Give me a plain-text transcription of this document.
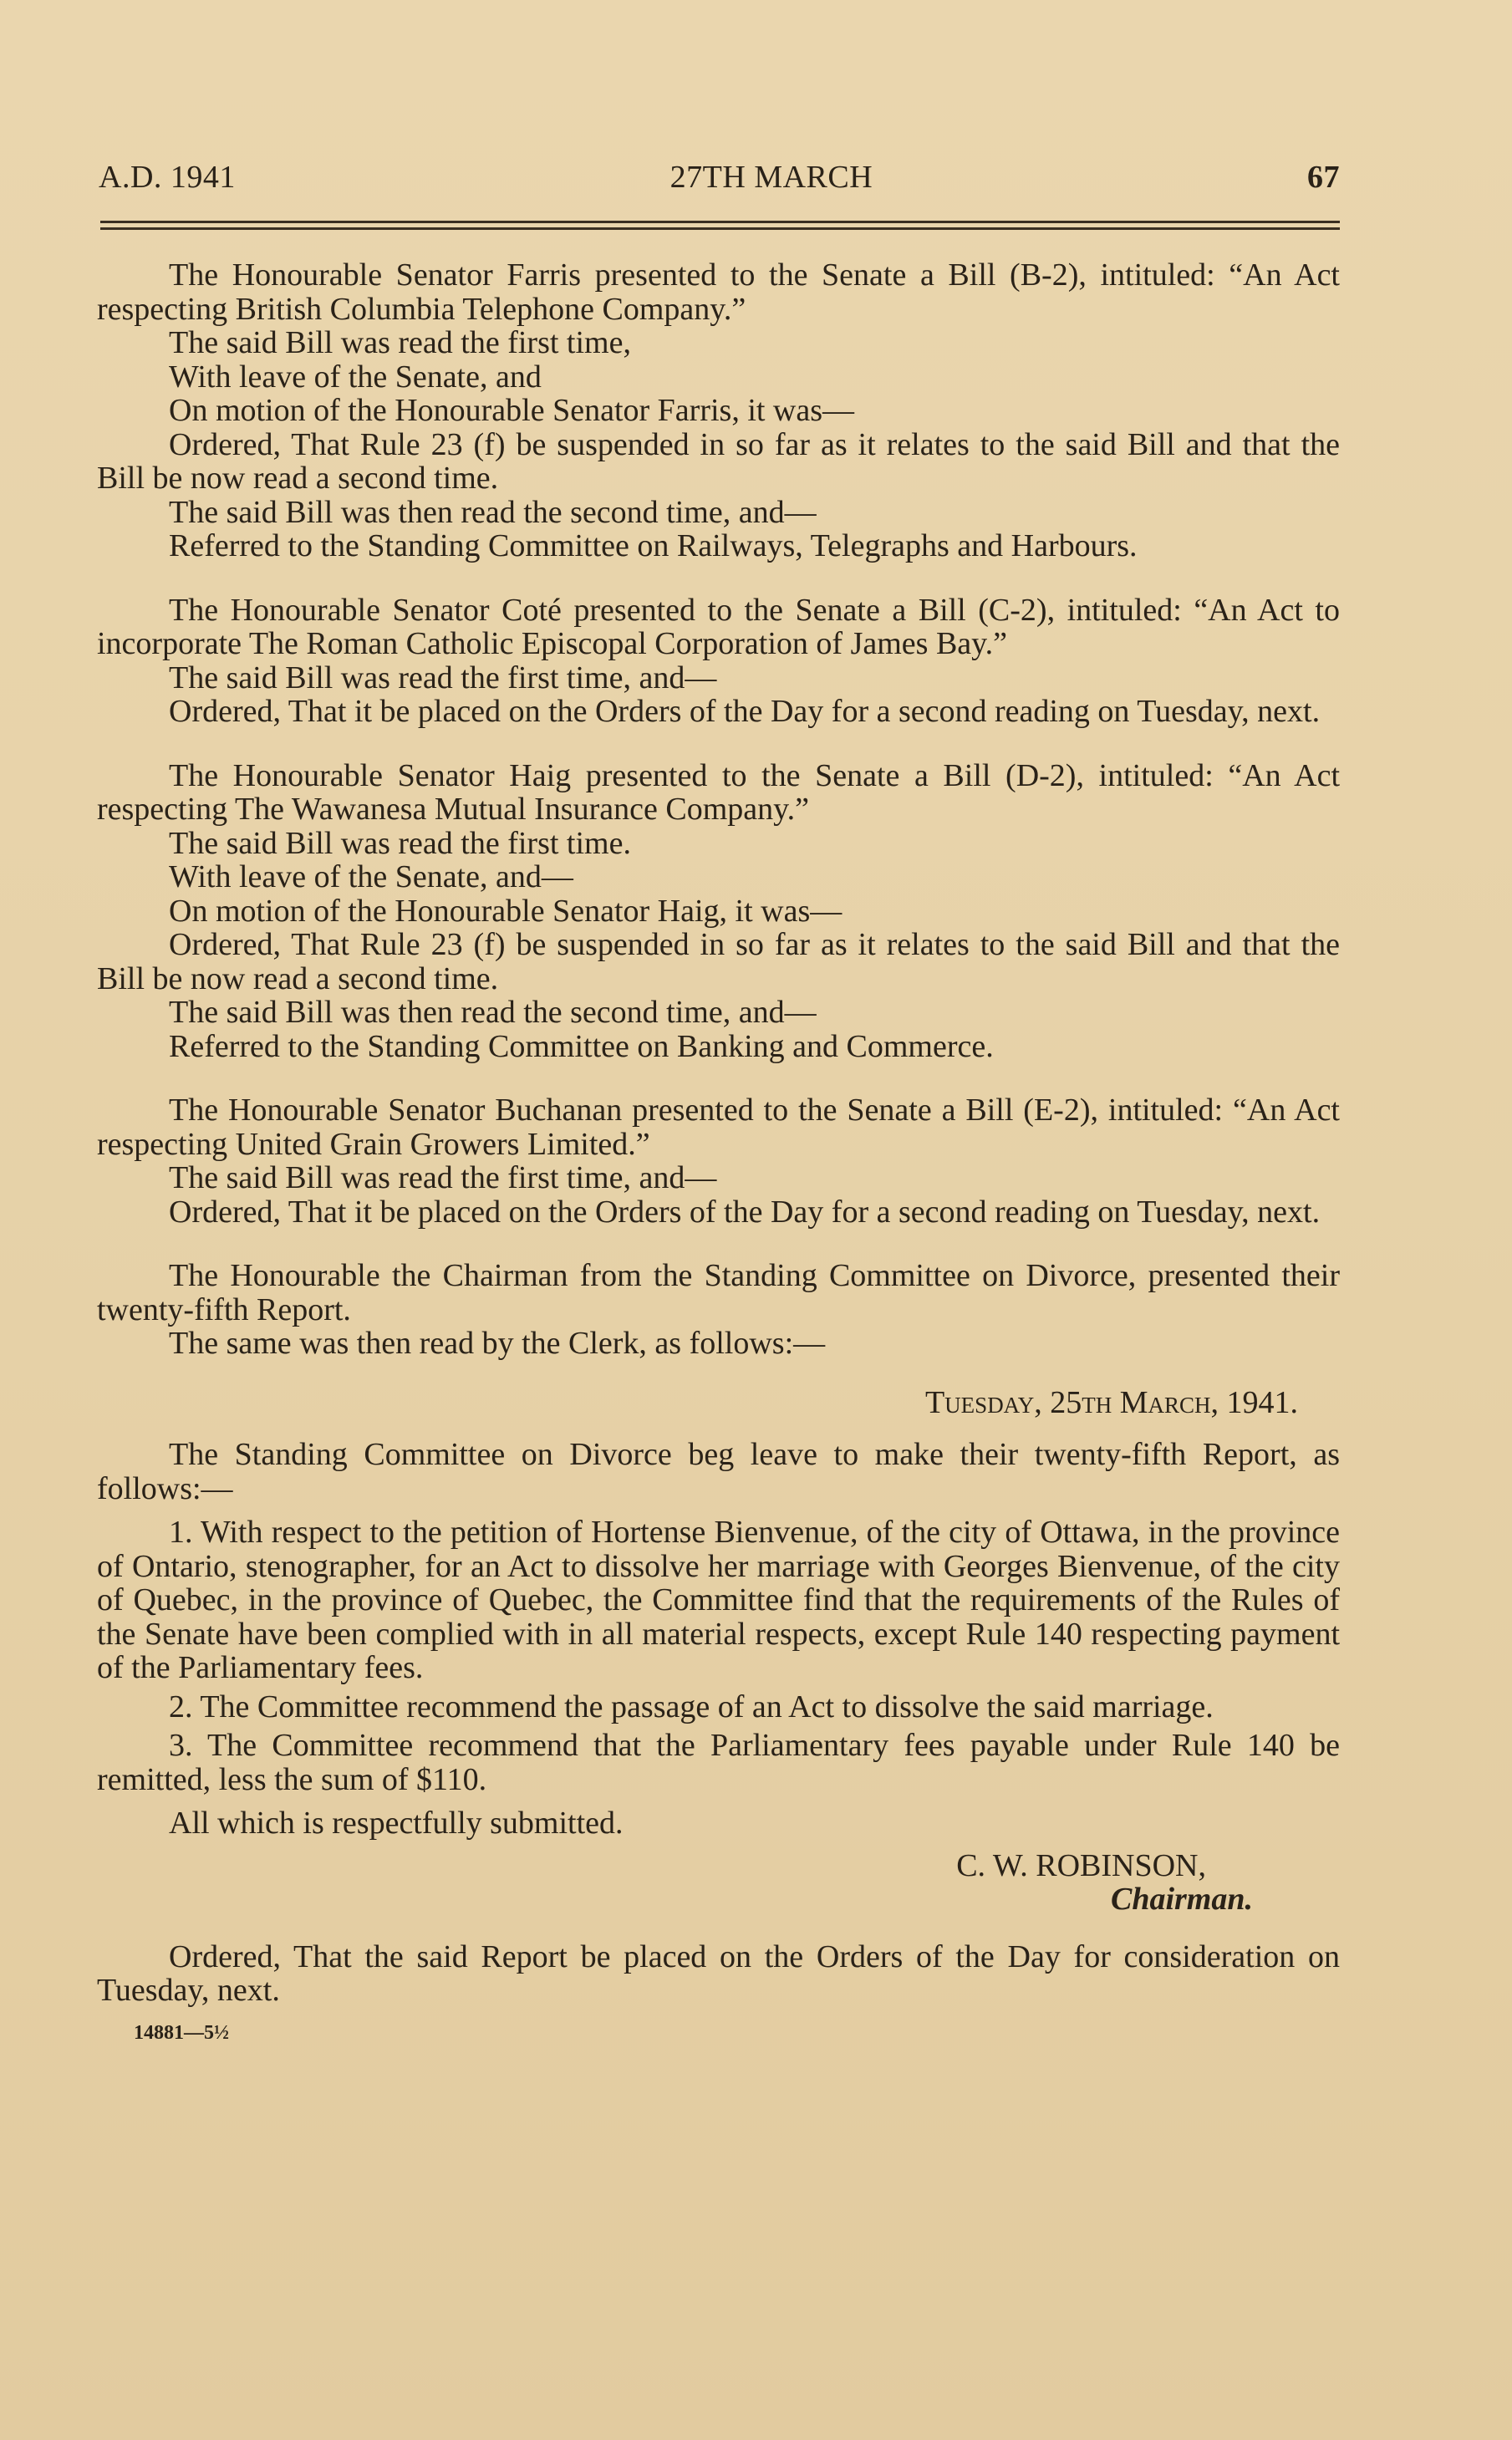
A.D. 1941	27TH MARCH	67

The Honourable Senator Farris presented to the Senate a Bill (B-2), intituled: “An Act respecting British Columbia Telephone Company.”

The said Bill was read the first time,

With leave of the Senate, and

On motion of the Honourable Senator Farris, it was—

Ordered, That Rule 23 (f) be suspended in so far as it relates to the said Bill and that the Bill be now read a second time.

The said Bill was then read the second time, and—

Referred to the Standing Committee on Railways, Telegraphs and Harbours.

The Honourable Senator Coté presented to the Senate a Bill (C-2), intituled: “An Act to incorporate The Roman Catholic Episcopal Corporation of James Bay.”

The said Bill was read the first time, and—

Ordered, That it be placed on the Orders of the Day for a second reading on Tuesday, next.

The Honourable Senator Haig presented to the Senate a Bill (D-2), intituled: “An Act respecting The Wawanesa Mutual Insurance Company.”

The said Bill was read the first time.

With leave of the Senate, and—

On motion of the Honourable Senator Haig, it was—

Ordered, That Rule 23 (f) be suspended in so far as it relates to the said Bill and that the Bill be now read a second time.

The said Bill was then read the second time, and—

Referred to the Standing Committee on Banking and Commerce.

The Honourable Senator Buchanan presented to the Senate a Bill (E-2), intituled: “An Act respecting United Grain Growers Limited.”

The said Bill was read the first time, and—

Ordered, That it be placed on the Orders of the Day for a second reading on Tuesday, next.

The Honourable the Chairman from the Standing Committee on Divorce, presented their twenty-fifth Report.

The same was then read by the Clerk, as follows:—

Tuesday, 25th March, 1941.

The Standing Committee on Divorce beg leave to make their twenty-fifth Report, as follows:—

1. With respect to the petition of Hortense Bienvenue, of the city of Ottawa, in the province of Ontario, stenographer, for an Act to dissolve her marriage with Georges Bienvenue, of the city of Quebec, in the province of Quebec, the Committee find that the requirements of the Rules of the Senate have been complied with in all material respects, except Rule 140 respecting payment of the Parliamentary fees.

2. The Committee recommend the passage of an Act to dissolve the said marriage.

3. The Committee recommend that the Parliamentary fees payable under Rule 140 be remitted, less the sum of $110.

All which is respectfully submitted.

C. W. ROBINSON,

Chairman.

Ordered, That the said Report be placed on the Orders of the Day for consideration on Tuesday, next.

14881—5½
